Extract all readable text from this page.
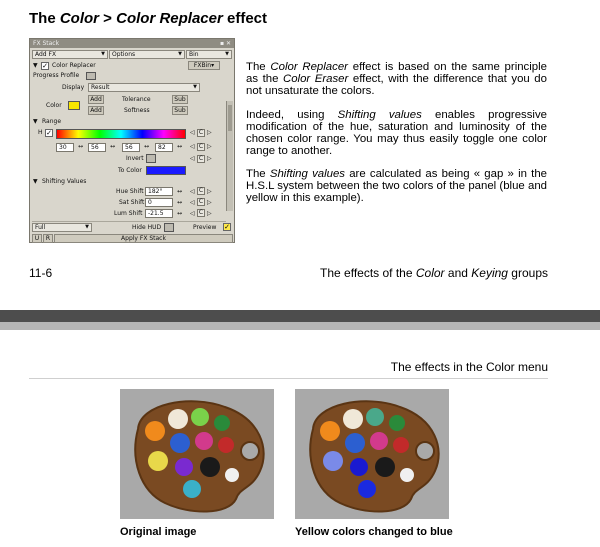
The Color > Color Replacer effect
FX Stack	▪ ✕
Add FX	▼	Options	▼	Bin	▼
▼ ✓ Color Replacer	FXBin▾
Progress Profile
Display	Result	▼
Add	Tolerance	Sub
Color
Add	Softness	Sub
▼ Range
H ✓	◁ C ▷
30	↔	56	↔	56	↔	82	↔ ◁ C ▷
Invert	◁ C ▷
To Color
▼ Shifting Values
Hue Shift 182°	↔ ◁ C ▷
Sat Shift 0	↔ ◁ C ▷
Lum Shift -21.5	↔ ◁ C ▷
Full	▼	Hide HUD	Preview ✓
U	R	Apply FX Stack
The Color Replacer effect is based on the same principle as the Color Eraser effect, with the difference that you do not unsaturate the colors.
Indeed, using Shifting values enables progressive modification of the hue, saturation and luminosity of the chosen color range. You may thus easily toggle one color range to another.
The Shifting values are calculated as being « gap » in the H.S.L system between the two colors of the panel (blue and yellow in this example).
11-6	The effects of the Color and Keying groups
The effects in the Color menu
Original image	Yellow colors changed to blue
